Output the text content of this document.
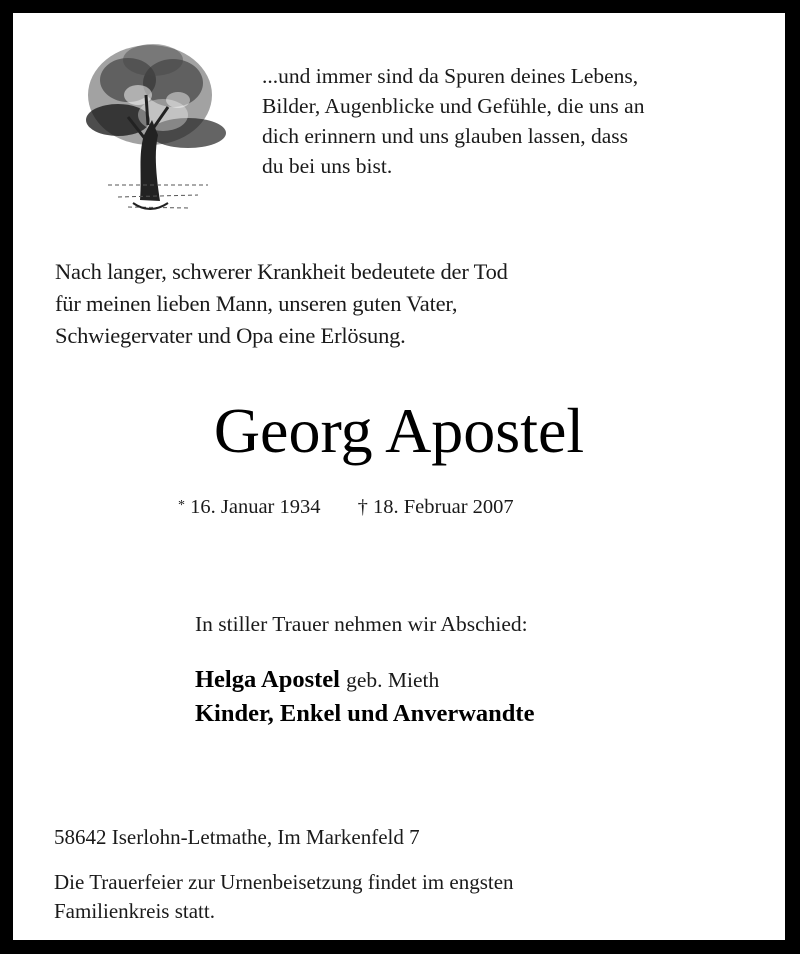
...und immer sind da Spuren deines Lebens,
Bilder, Augenblicke und Gefühle, die uns an
dich erinnern und uns glauben lassen, dass
du bei uns bist.
Nach langer, schwerer Krankheit bedeutete der Tod
für meinen lieben Mann, unseren guten Vater,
Schwiegervater und Opa eine Erlösung.
Georg Apostel
* 16. Januar 1934 † 18. Februar 2007
In stiller Trauer nehmen wir Abschied:
Helga Apostel geb. Mieth
Kinder, Enkel und Anverwandte
58642 Iserlohn-Letmathe, Im Markenfeld 7
Die Trauerfeier zur Urnenbeisetzung findet im engsten
Familienkreis statt.
